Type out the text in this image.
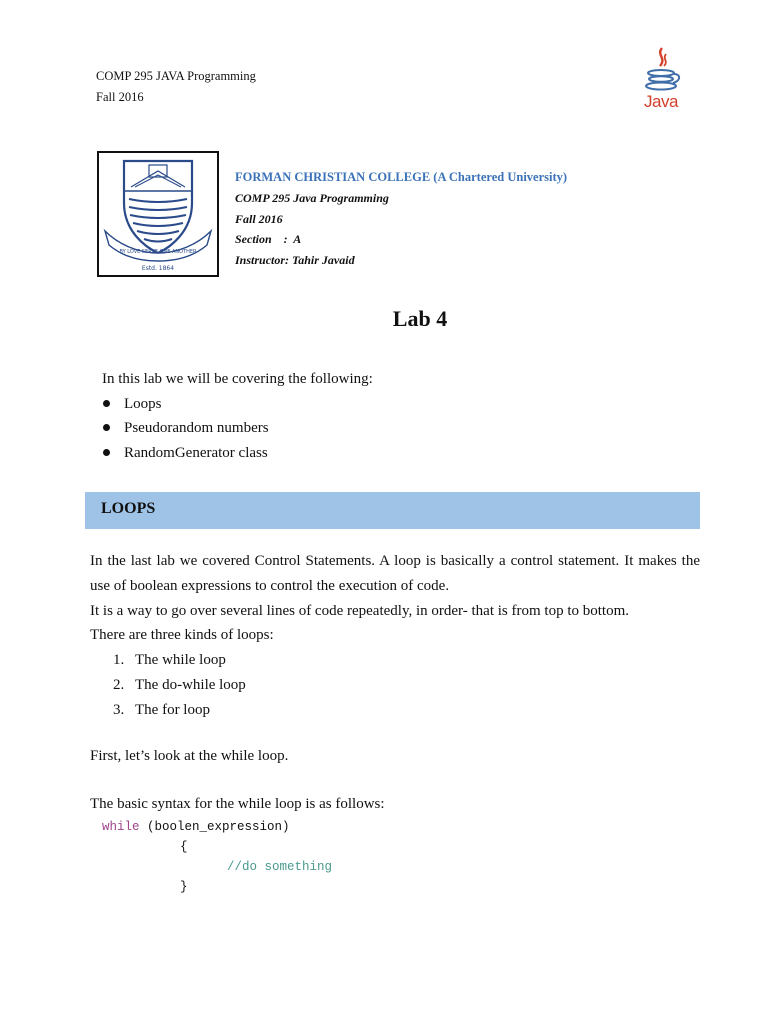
COMP 295 JAVA Programming
Fall 2016	Java
BY LOVE SERVE ONE ANOTHER
Estd. 1864
FORMAN CHRISTIAN COLLEGE (A Chartered University)
COMP 295 Java Programming
Fall 2016
Section    :  A
Instructor: Tahir Javaid
Lab 4
In this lab we will be covering the following:
Loops
Pseudorandom numbers
RandomGenerator class
LOOPS
In the last lab we covered Control Statements. A loop is basically a control statement. It makes the use of boolean expressions to control the execution of code.
It is a way to go over several lines of code repeatedly, in order- that is from top to bottom.
There are three kinds of loops:
1. The while loop
2. The do-while loop
3. The for loop
First, let’s look at the while loop.
The basic syntax for the while loop is as follows:
while (boolen_expression)
{
//do something
}
